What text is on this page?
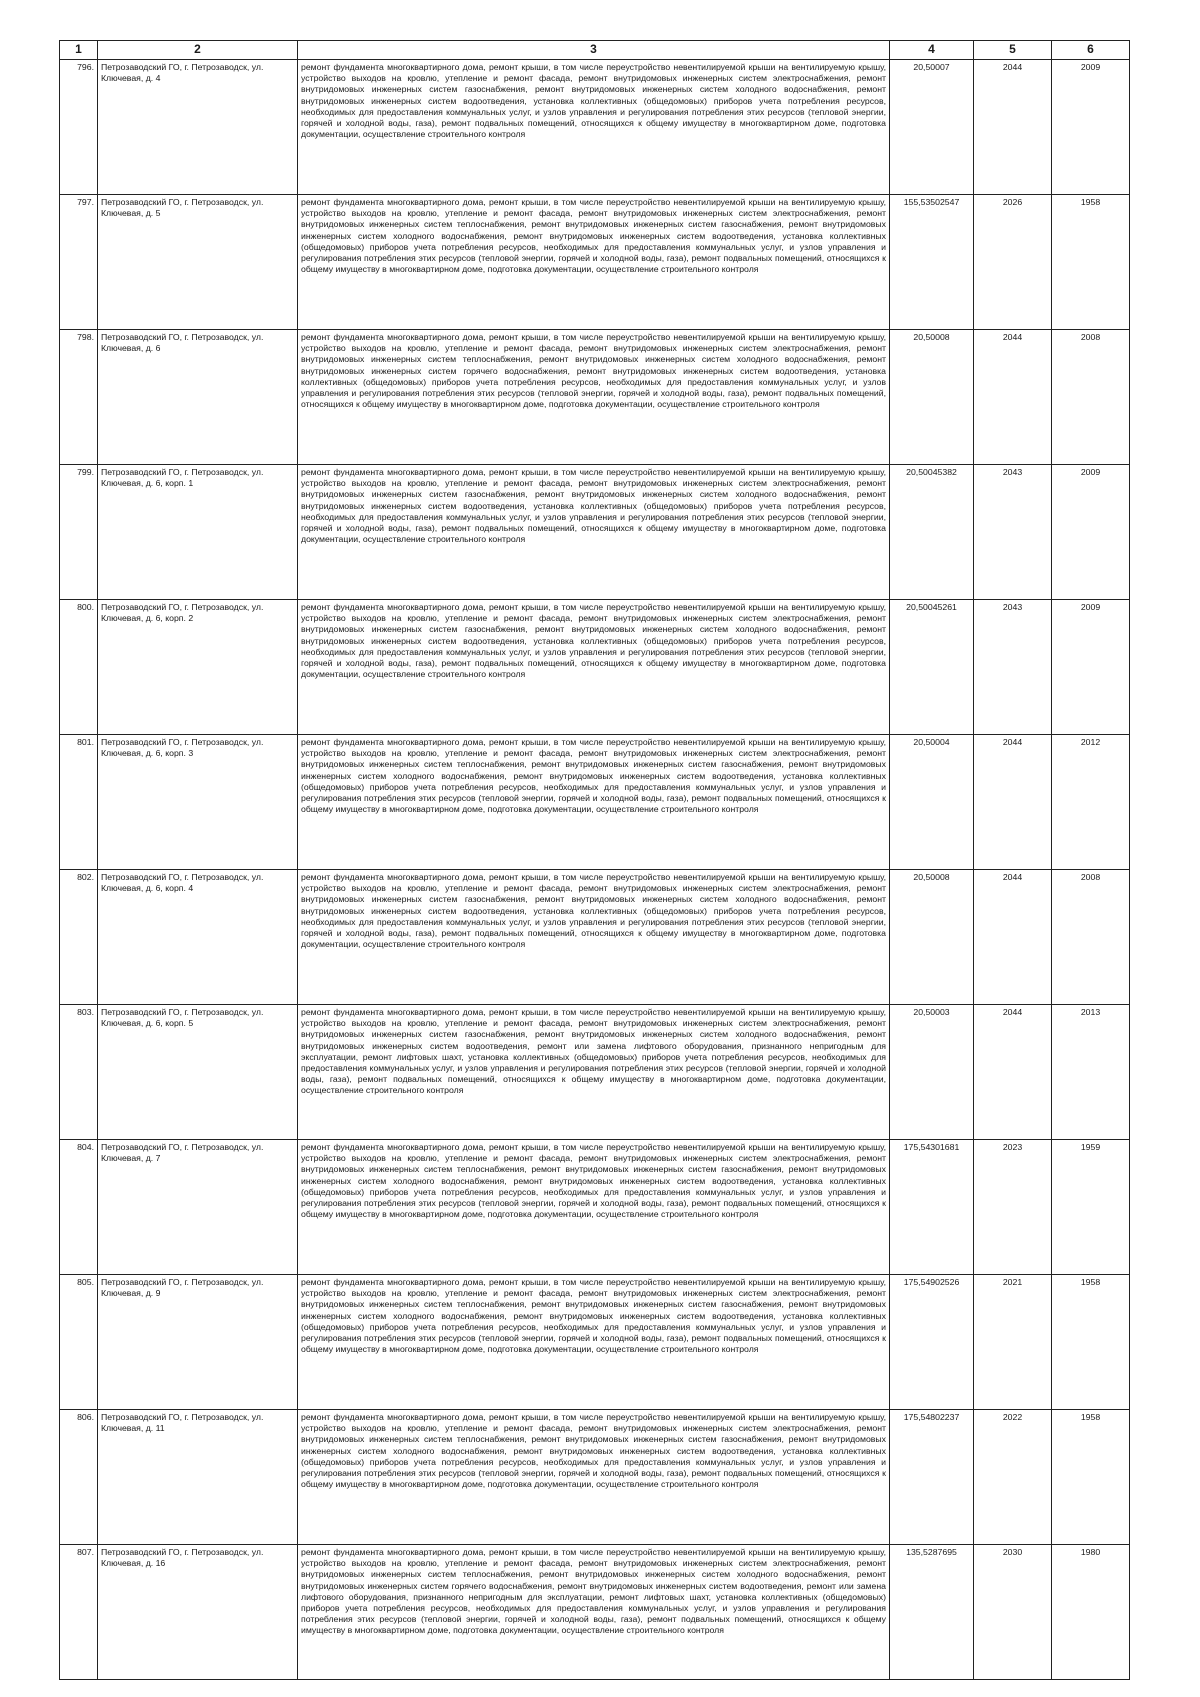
1	2	3	4	5	6
796.	Петрозаводский ГО, г. Петрозаводск, ул. Ключевая, д. 4	ремонт фундамента многоквартирного дома, ремонт крыши, в том числе переустройство невентилируемой крыши на вентилируемую крышу, устройство выходов на кровлю, утепление и ремонт фасада, ремонт внутридомовых инженерных систем электроснабжения, ремонт внутридомовых инженерных систем газоснабжения, ремонт внутридомовых инженерных систем холодного водоснабжения, ремонт внутридомовых инженерных систем водоотведения, установка коллективных (общедомовых) приборов учета потребления ресурсов, необходимых для предоставления коммунальных услуг, и узлов управления и регулирования потребления этих ресурсов (тепловой энергии, горячей и холодной воды, газа), ремонт подвальных помещений, относящихся к общему имуществу в многоквартирном доме, подготовка документации, осуществление строительного контроля	20,50007	2044	2009
797.	Петрозаводский ГО, г. Петрозаводск, ул. Ключевая, д. 5	ремонт фундамента многоквартирного дома, ремонт крыши, в том числе переустройство невентилируемой крыши на вентилируемую крышу, устройство выходов на кровлю, утепление и ремонт фасада, ремонт внутридомовых инженерных систем электроснабжения, ремонт внутридомовых инженерных систем теплоснабжения, ремонт внутридомовых инженерных систем газоснабжения, ремонт внутридомовых инженерных систем холодного водоснабжения, ремонт внутридомовых инженерных систем водоотведения, установка коллективных (общедомовых) приборов учета потребления ресурсов, необходимых для предоставления коммунальных услуг, и узлов управления и регулирования потребления этих ресурсов (тепловой энергии, горячей и холодной воды, газа), ремонт подвальных помещений, относящихся к общему имуществу в многоквартирном доме, подготовка документации, осуществление строительного контроля	155,53502547	2026	1958
798.	Петрозаводский ГО, г. Петрозаводск, ул. Ключевая, д. 6	ремонт фундамента многоквартирного дома, ремонт крыши, в том числе переустройство невентилируемой крыши на вентилируемую крышу, устройство выходов на кровлю, утепление и ремонт фасада, ремонт внутридомовых инженерных систем электроснабжения, ремонт внутридомовых инженерных систем теплоснабжения, ремонт внутридомовых инженерных систем холодного водоснабжения, ремонт внутридомовых инженерных систем горячего водоснабжения, ремонт внутридомовых инженерных систем водоотведения, установка коллективных (общедомовых) приборов учета потребления ресурсов, необходимых для предоставления коммунальных услуг, и узлов управления и регулирования потребления этих ресурсов (тепловой энергии, горячей и холодной воды, газа), ремонт подвальных помещений, относящихся к общему имуществу в многоквартирном доме, подготовка документации, осуществление строительного контроля	20,50008	2044	2008
799.	Петрозаводский ГО, г. Петрозаводск, ул. Ключевая, д. 6, корп. 1	ремонт фундамента многоквартирного дома, ремонт крыши, в том числе переустройство невентилируемой крыши на вентилируемую крышу, устройство выходов на кровлю, утепление и ремонт фасада, ремонт внутридомовых инженерных систем электроснабжения, ремонт внутридомовых инженерных систем газоснабжения, ремонт внутридомовых инженерных систем холодного водоснабжения, ремонт внутридомовых инженерных систем водоотведения, установка коллективных (общедомовых) приборов учета потребления ресурсов, необходимых для предоставления коммунальных услуг, и узлов управления и регулирования потребления этих ресурсов (тепловой энергии, горячей и холодной воды, газа), ремонт подвальных помещений, относящихся к общему имуществу в многоквартирном доме, подготовка документации, осуществление строительного контроля	20,50045382	2043	2009
800.	Петрозаводский ГО, г. Петрозаводск, ул. Ключевая, д. 6, корп. 2	ремонт фундамента многоквартирного дома, ремонт крыши, в том числе переустройство невентилируемой крыши на вентилируемую крышу, устройство выходов на кровлю, утепление и ремонт фасада, ремонт внутридомовых инженерных систем электроснабжения, ремонт внутридомовых инженерных систем газоснабжения, ремонт внутридомовых инженерных систем холодного водоснабжения, ремонт внутридомовых инженерных систем водоотведения, установка коллективных (общедомовых) приборов учета потребления ресурсов, необходимых для предоставления коммунальных услуг, и узлов управления и регулирования потребления этих ресурсов (тепловой энергии, горячей и холодной воды, газа), ремонт подвальных помещений, относящихся к общему имуществу в многоквартирном доме, подготовка документации, осуществление строительного контроля	20,50045261	2043	2009
801.	Петрозаводский ГО, г. Петрозаводск, ул. Ключевая, д. 6, корп. 3	ремонт фундамента многоквартирного дома, ремонт крыши, в том числе переустройство невентилируемой крыши на вентилируемую крышу, устройство выходов на кровлю, утепление и ремонт фасада, ремонт внутридомовых инженерных систем электроснабжения, ремонт внутридомовых инженерных систем теплоснабжения, ремонт внутридомовых инженерных систем газоснабжения, ремонт внутридомовых инженерных систем холодного водоснабжения, ремонт внутридомовых инженерных систем водоотведения, установка коллективных (общедомовых) приборов учета потребления ресурсов, необходимых для предоставления коммунальных услуг, и узлов управления и регулирования потребления этих ресурсов (тепловой энергии, горячей и холодной воды, газа), ремонт подвальных помещений, относящихся к общему имуществу в многоквартирном доме, подготовка документации, осуществление строительного контроля	20,50004	2044	2012
802.	Петрозаводский ГО, г. Петрозаводск, ул. Ключевая, д. 6, корп. 4	ремонт фундамента многоквартирного дома, ремонт крыши, в том числе переустройство невентилируемой крыши на вентилируемую крышу, устройство выходов на кровлю, утепление и ремонт фасада, ремонт внутридомовых инженерных систем электроснабжения, ремонт внутридомовых инженерных систем газоснабжения, ремонт внутридомовых инженерных систем холодного водоснабжения, ремонт внутридомовых инженерных систем водоотведения, установка коллективных (общедомовых) приборов учета потребления ресурсов, необходимых для предоставления коммунальных услуг, и узлов управления и регулирования потребления этих ресурсов (тепловой энергии, горячей и холодной воды, газа), ремонт подвальных помещений, относящихся к общему имуществу в многоквартирном доме, подготовка документации, осуществление строительного контроля	20,50008	2044	2008
803.	Петрозаводский ГО, г. Петрозаводск, ул. Ключевая, д. 6, корп. 5	ремонт фундамента многоквартирного дома, ремонт крыши, в том числе переустройство невентилируемой крыши на вентилируемую крышу, устройство выходов на кровлю, утепление и ремонт фасада, ремонт внутридомовых инженерных систем электроснабжения, ремонт внутридомовых инженерных систем газоснабжения, ремонт внутридомовых инженерных систем холодного водоснабжения, ремонт внутридомовых инженерных систем водоотведения, ремонт или замена лифтового оборудования, признанного непригодным для эксплуатации, ремонт лифтовых шахт, установка коллективных (общедомовых) приборов учета потребления ресурсов, необходимых для предоставления коммунальных услуг, и узлов управления и регулирования потребления этих ресурсов (тепловой энергии, горячей и холодной воды, газа), ремонт подвальных помещений, относящихся к общему имуществу в многоквартирном доме, подготовка документации, осуществление строительного контроля	20,50003	2044	2013
804.	Петрозаводский ГО, г. Петрозаводск, ул. Ключевая, д. 7	ремонт фундамента многоквартирного дома, ремонт крыши, в том числе переустройство невентилируемой крыши на вентилируемую крышу, устройство выходов на кровлю, утепление и ремонт фасада, ремонт внутридомовых инженерных систем электроснабжения, ремонт внутридомовых инженерных систем теплоснабжения, ремонт внутридомовых инженерных систем газоснабжения, ремонт внутридомовых инженерных систем холодного водоснабжения, ремонт внутридомовых инженерных систем водоотведения, установка коллективных (общедомовых) приборов учета потребления ресурсов, необходимых для предоставления коммунальных услуг, и узлов управления и регулирования потребления этих ресурсов (тепловой энергии, горячей и холодной воды, газа), ремонт подвальных помещений, относящихся к общему имуществу в многоквартирном доме, подготовка документации, осуществление строительного контроля	175,54301681	2023	1959
805.	Петрозаводский ГО, г. Петрозаводск, ул. Ключевая, д. 9	ремонт фундамента многоквартирного дома, ремонт крыши, в том числе переустройство невентилируемой крыши на вентилируемую крышу, устройство выходов на кровлю, утепление и ремонт фасада, ремонт внутридомовых инженерных систем электроснабжения, ремонт внутридомовых инженерных систем теплоснабжения, ремонт внутридомовых инженерных систем газоснабжения, ремонт внутридомовых инженерных систем холодного водоснабжения, ремонт внутридомовых инженерных систем водоотведения, установка коллективных (общедомовых) приборов учета потребления ресурсов, необходимых для предоставления коммунальных услуг, и узлов управления и регулирования потребления этих ресурсов (тепловой энергии, горячей и холодной воды, газа), ремонт подвальных помещений, относящихся к общему имуществу в многоквартирном доме, подготовка документации, осуществление строительного контроля	175,54902526	2021	1958
806.	Петрозаводский ГО, г. Петрозаводск, ул. Ключевая, д. 11	ремонт фундамента многоквартирного дома, ремонт крыши, в том числе переустройство невентилируемой крыши на вентилируемую крышу, устройство выходов на кровлю, утепление и ремонт фасада, ремонт внутридомовых инженерных систем электроснабжения, ремонт внутридомовых инженерных систем теплоснабжения, ремонт внутридомовых инженерных систем газоснабжения, ремонт внутридомовых инженерных систем холодного водоснабжения, ремонт внутридомовых инженерных систем водоотведения, установка коллективных (общедомовых) приборов учета потребления ресурсов, необходимых для предоставления коммунальных услуг, и узлов управления и регулирования потребления этих ресурсов (тепловой энергии, горячей и холодной воды, газа), ремонт подвальных помещений, относящихся к общему имуществу в многоквартирном доме, подготовка документации, осуществление строительного контроля	175,54802237	2022	1958
807.	Петрозаводский ГО, г. Петрозаводск, ул. Ключевая, д. 16	ремонт фундамента многоквартирного дома, ремонт крыши, в том числе переустройство невентилируемой крыши на вентилируемую крышу, устройство выходов на кровлю, утепление и ремонт фасада, ремонт внутридомовых инженерных систем электроснабжения, ремонт внутридомовых инженерных систем теплоснабжения, ремонт внутридомовых инженерных систем холодного водоснабжения, ремонт внутридомовых инженерных систем горячего водоснабжения, ремонт внутридомовых инженерных систем водоотведения, ремонт или замена лифтового оборудования, признанного непригодным для эксплуатации, ремонт лифтовых шахт, установка коллективных (общедомовых) приборов учета потребления ресурсов, необходимых для предоставления коммунальных услуг, и узлов управления и регулирования потребления этих ресурсов (тепловой энергии, горячей и холодной воды, газа), ремонт подвальных помещений, относящихся к общему имуществу в многоквартирном доме, подготовка документации, осуществление строительного контроля	135,5287695	2030	1980
